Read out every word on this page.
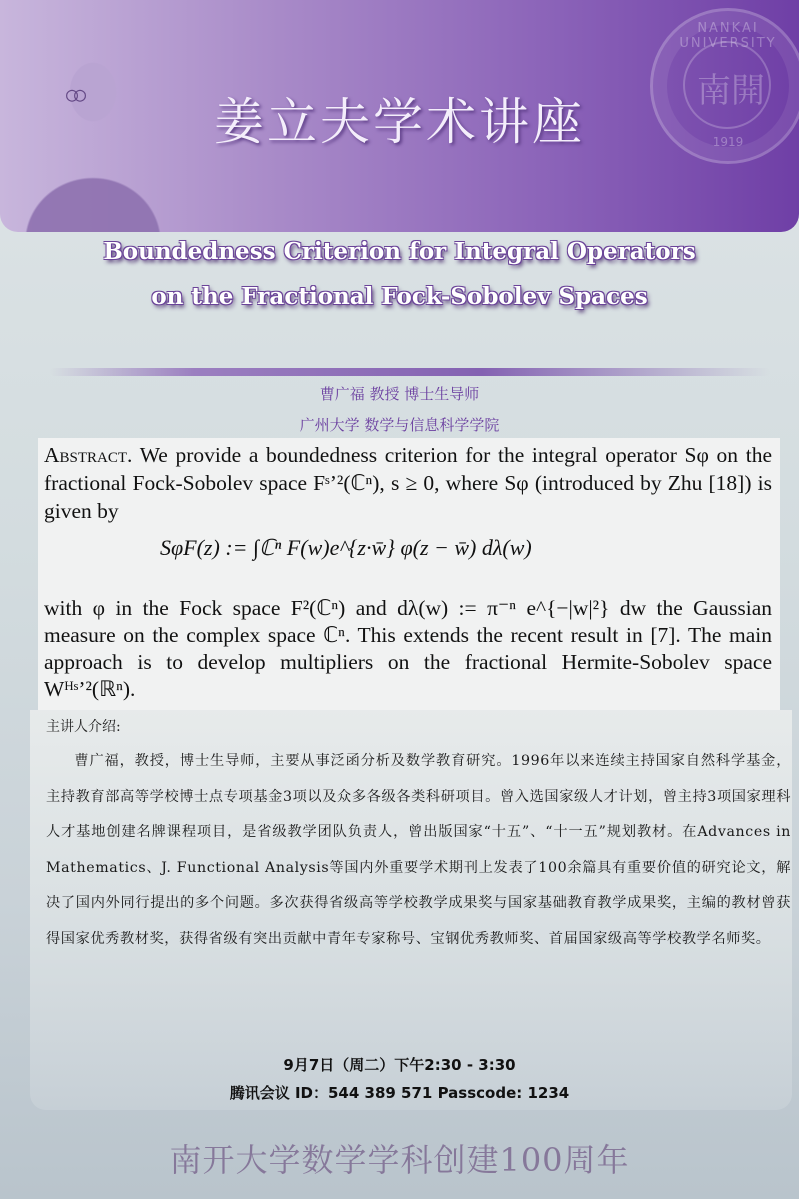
○○
NANKAI UNIVERSITY
南開
1919
姜立夫学术讲座
Boundedness Criterion for Integral Operators
on the Fractional Fock-Sobolev Spaces
曹广福 教授 博士生导师
广州大学 数学与信息科学学院

Abstract. We provide a boundedness criterion for the integral operator Sφ on the fractional Fock-Sobolev space Fˢʼ²(ℂⁿ), s ≥ 0, where Sφ (introduced by Zhu [18]) is given by

SφF(z) := ∫ℂⁿ F(w)e^{z·w̄} φ(z − w̄) dλ(w)

with φ in the Fock space F²(ℂⁿ) and dλ(w) := π⁻ⁿ e^{−|w|²} dw the Gaussian measure on the complex space ℂⁿ. This extends the recent result in [7]. The main approach is to develop multipliers on the fractional Hermite-Sobolev space Wᴴˢʼ²(ℝⁿ).

主讲人介绍:

曹广福，教授，博士生导师，主要从事泛函分析及数学教育研究。1996年以来连续主持国家自然科学基金，主持教育部高等学校博士点专项基金3项以及众多各级各类科研项目。曾入选国家级人才计划，曾主持3项国家理科人才基地创建名牌课程项目，是省级教学团队负责人，曾出版国家“十五”、“十一五”规划教材。在Advances in Mathematics、J. Functional Analysis等国内外重要学术期刊上发表了100余篇具有重要价值的研究论文，解决了国内外同行提出的多个问题。多次获得省级高等学校教学成果奖与国家基础教育教学成果奖，主编的教材曾获得国家优秀教材奖，获得省级有突出贡献中青年专家称号、宝钢优秀教师奖、首届国家级高等学校教学名师奖。

9月7日（周二）下午2:30 - 3:30
腾讯会议 ID：544 389 571 Passcode: 1234
南开大学数学学科创建100周年
